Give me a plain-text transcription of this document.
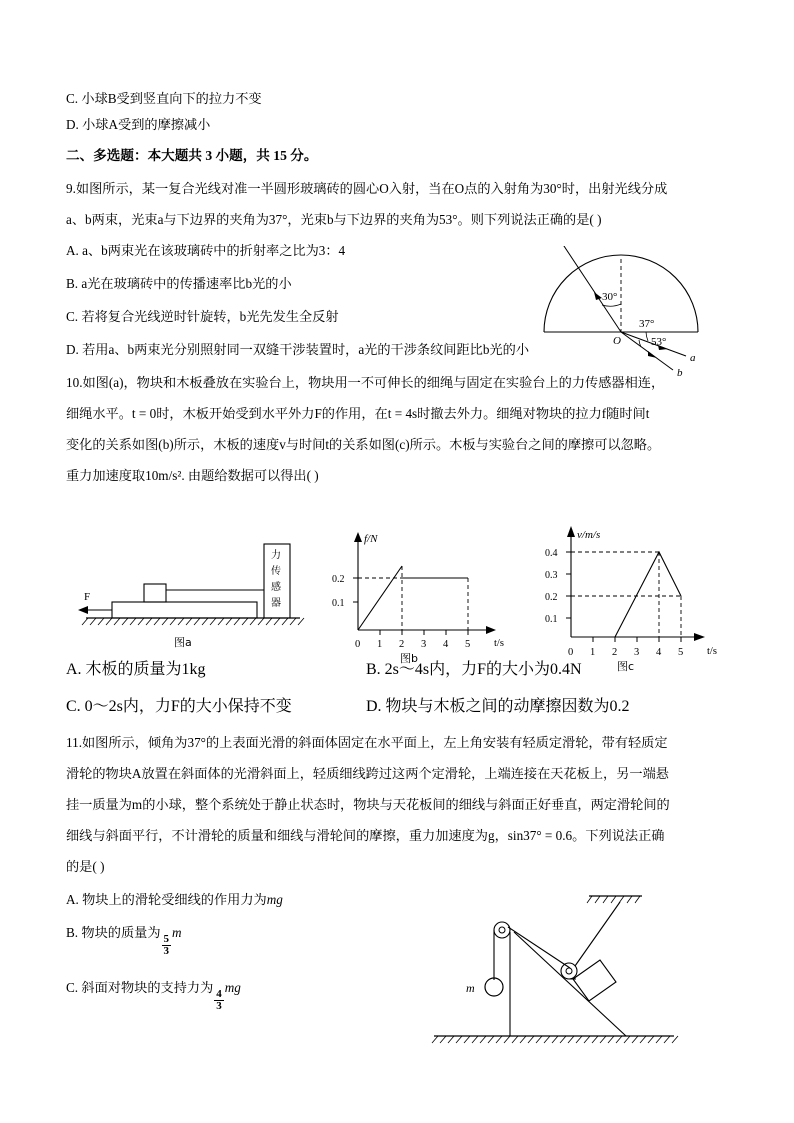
C. 小球B受到竖直向下的拉力不变
D. 小球A受到的摩擦减小
二、多选题：本大题共 3 小题，共 15 分。
9.如图所示，某一复合光线对准一半圆形玻璃砖的圆心O入射，当在O点的入射角为30°时，出射光线分成
a、b两束，光束a与下边界的夹角为37°，光束b与下边界的夹角为53°。则下列说法正确的是( )
A. a、b两束光在该玻璃砖中的折射率之比为3：4
B. a光在玻璃砖中的传播速率比b光的小
C. 若将复合光线逆时针旋转，b光先发生全反射
D. 若用a、b两束光分别照射同一双缝干涉装置时，a光的干涉条纹间距比b光的小
10.如图(a)，物块和木板叠放在实验台上，物块用一不可伸长的细绳与固定在实验台上的力传感器相连，
细绳水平。t = 0时，木板开始受到水平外力F的作用，在t = 4s时撤去外力。细绳对物块的拉力f随时间t
变化的关系如图(b)所示，木板的速度v与时间t的关系如图(c)所示。木板与实验台之间的摩擦可以忽略。
重力加速度取10m/s². 由题给数据可以得出( )
A. 木板的质量为1kg	B. 2s～4s内，力F的大小为0.4N
C. 0～2s内，力F的大小保持不变	D. 物块与木板之间的动摩擦因数为0.2
11.如图所示，倾角为37°的上表面光滑的斜面体固定在水平面上，左上角安装有轻质定滑轮，带有轻质定
滑轮的物块A放置在斜面体的光滑斜面上，轻质细线跨过这两个定滑轮，上端连接在天花板上，另一端悬
挂一质量为m的小球，整个系统处于静止状态时，物块与天花板间的细线与斜面正好垂直，两定滑轮间的
细线与斜面平行，不计滑轮的质量和细线与滑轮间的摩擦，重力加速度为g，sin37° = 0.6。下列说法正确
的是( )
A. 物块上的滑轮受细线的作用力为mg
B. 物块的质量为
$\frac{5}{3}$
m
C. 斜面对物块的支持力为
$\frac{4}{3}$
mg
30°
37°
53°
O
a
b
力
传
感
器
F
图a
0.2
0.1
0 1 2 3 4 5
f/N
t/s
图b
0.4
0.3
0.2
0.1
0 1 2 3 4 5
v/m/s
t/s
图c
m
